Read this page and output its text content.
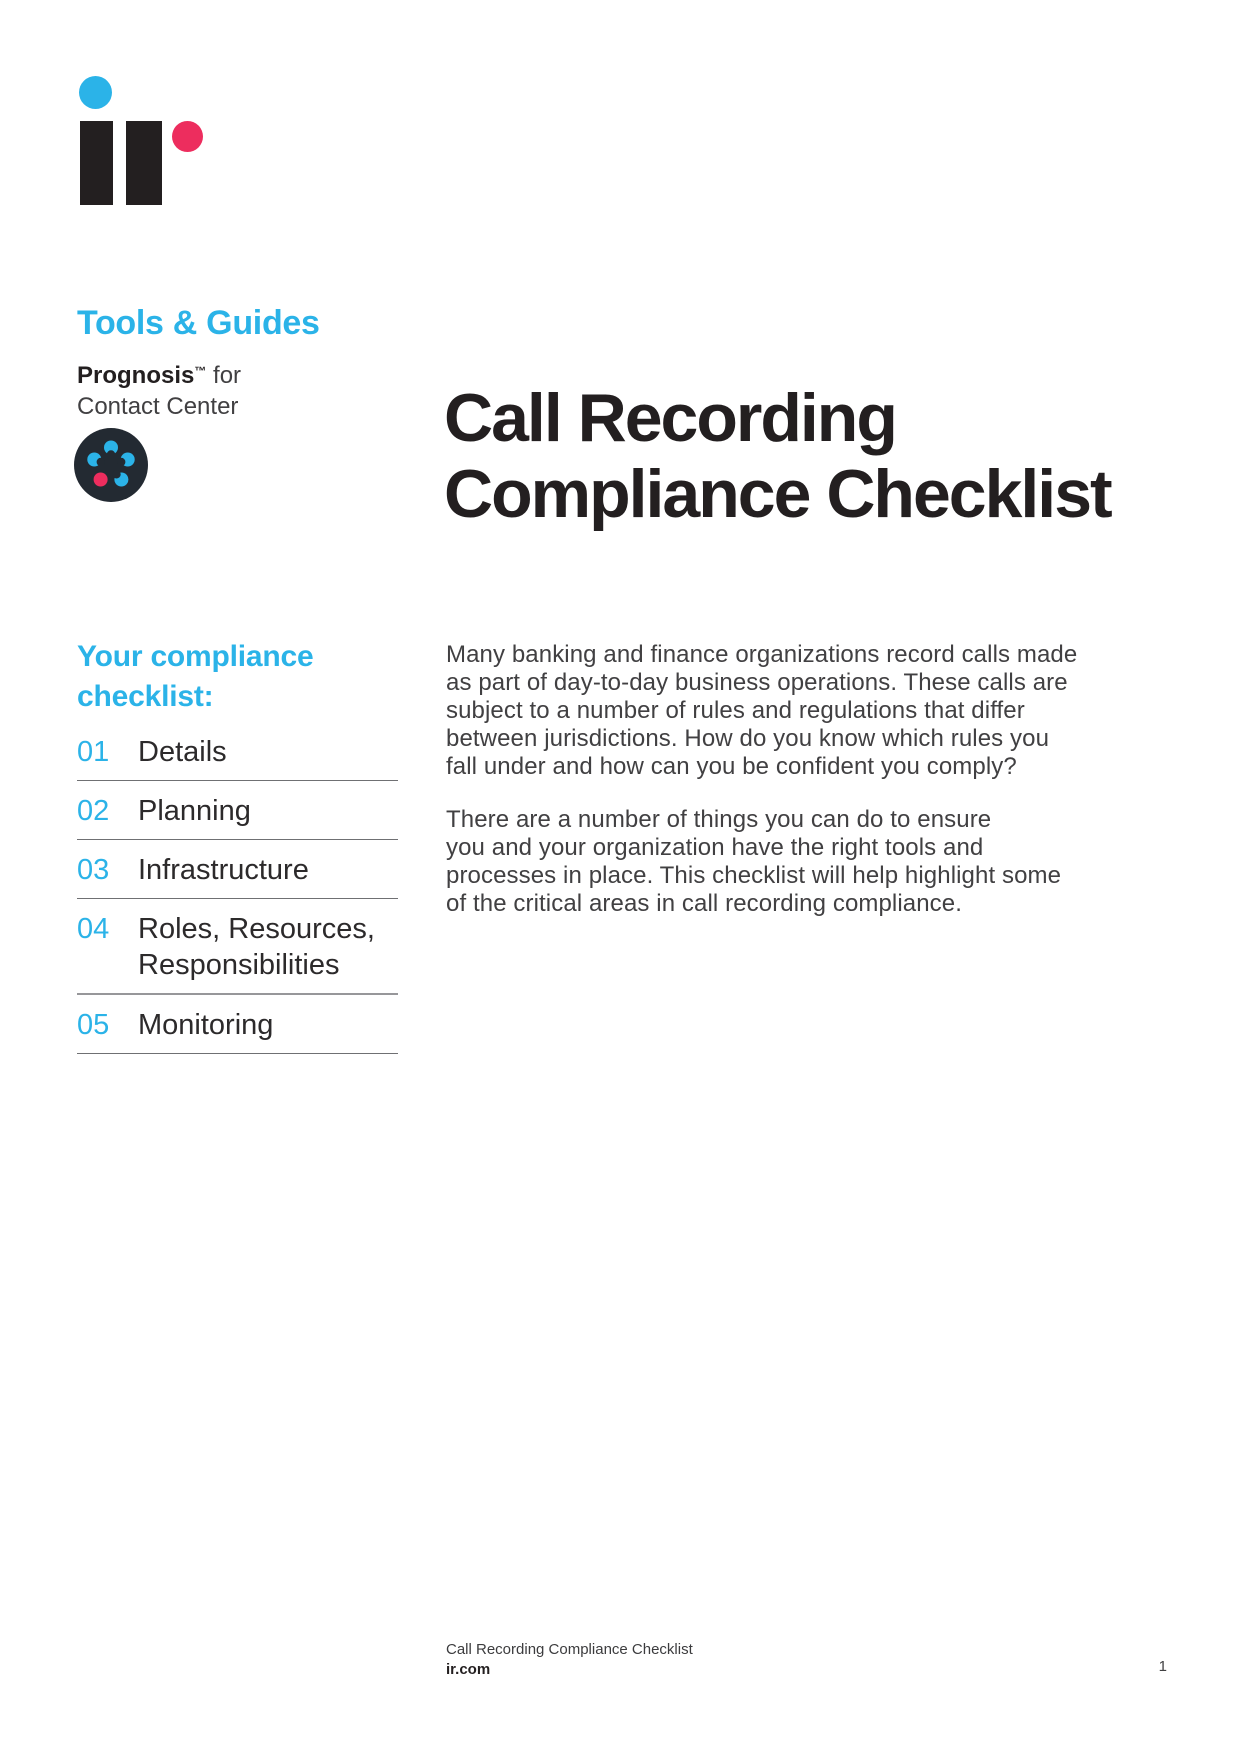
Tools & Guides
Prognosis™ for
Contact Center	Call Recording Compliance Checklist
Your compliance checklist:
01 Details
02 Planning
03 Infrastructure
04 Roles, Resources, Responsibilities
05 Monitoring
Many banking and finance organizations record calls made
as part of day-to-day business operations. These calls are
subject to a number of rules and regulations that differ
between jurisdictions. How do you know which rules you
fall under and how can you be confident you comply?
There are a number of things you can do to ensure
you and your organization have the right tools and
processes in place. This checklist will help highlight some
of the critical areas in call recording compliance.
Call Recording Compliance Checklist
ir.com	1
